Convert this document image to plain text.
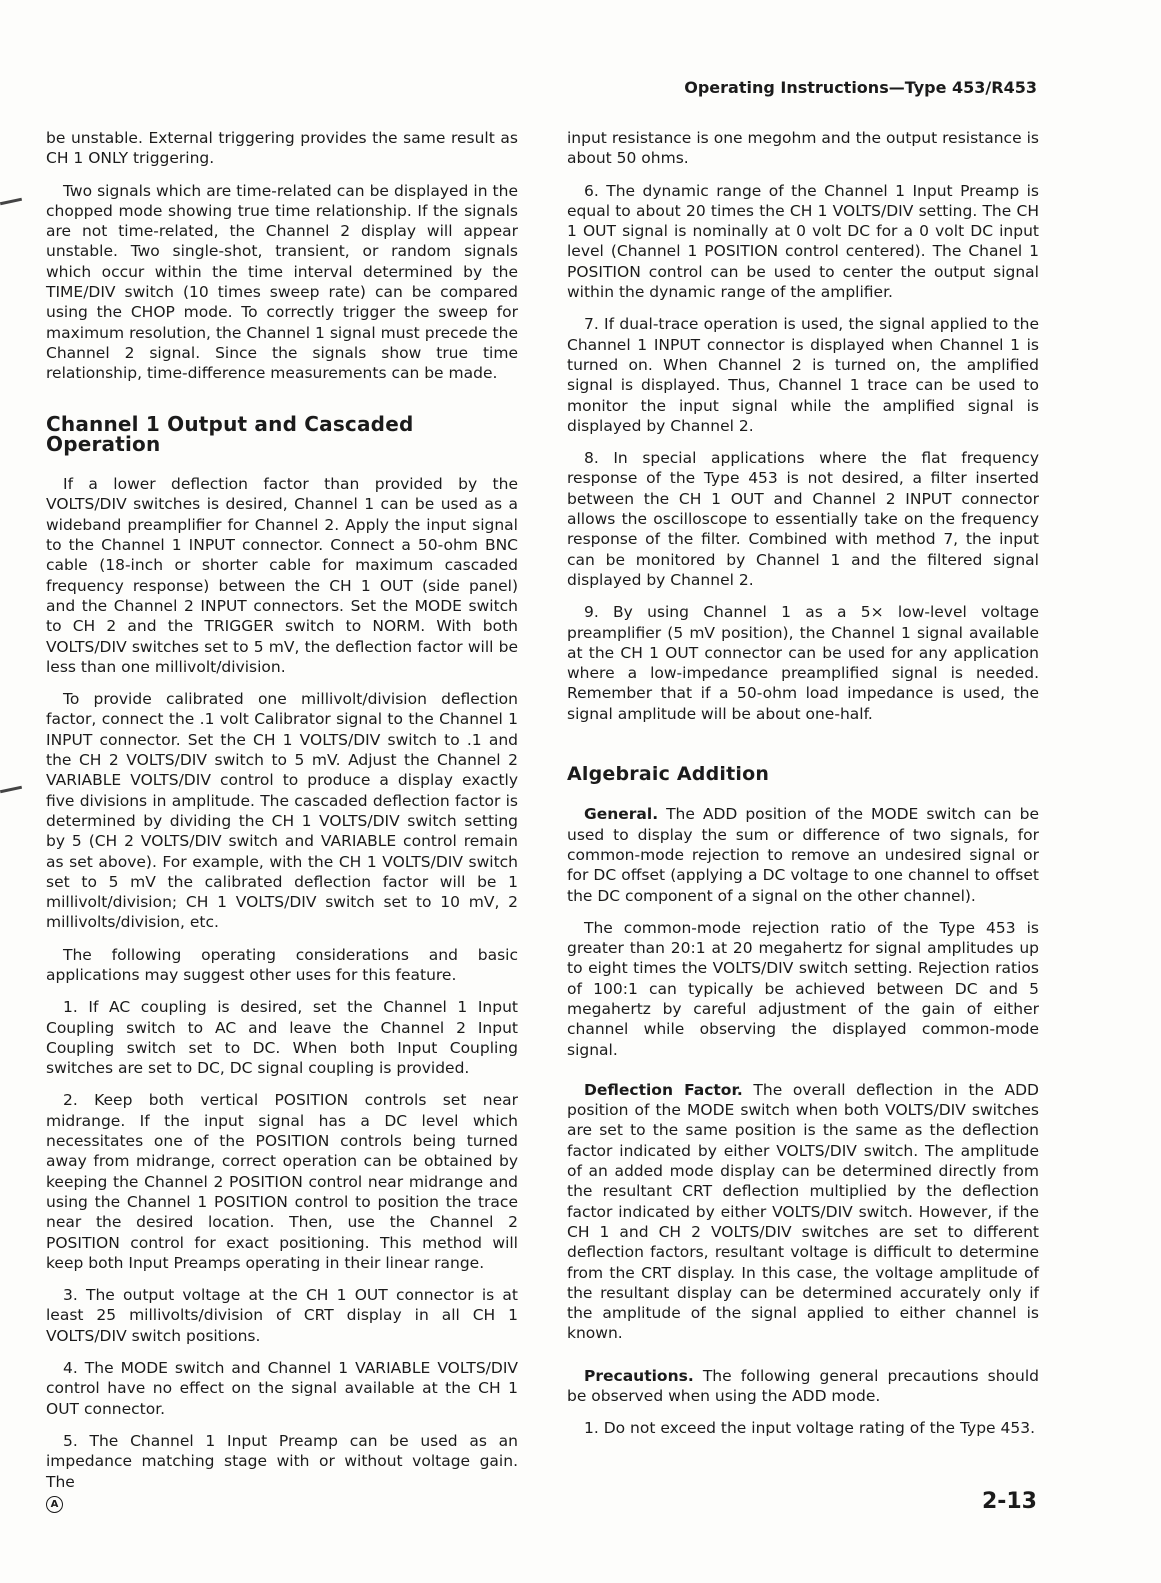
Operating Instructions—Type 453/R453

be unstable. External triggering provides the same result as CH 1 ONLY triggering.

Two signals which are time-related can be displayed in the chopped mode showing true time relationship. If the signals are not time-related, the Channel 2 display will appear unstable. Two single-shot, transient, or random signals which occur within the time interval determined by the TIME/DIV switch (10 times sweep rate) can be compared using the CHOP mode. To correctly trigger the sweep for maximum resolution, the Channel 1 signal must precede the Channel 2 signal. Since the signals show true time relationship, time-difference measurements can be made.

Channel 1 Output and Cascaded Operation

If a lower deflection factor than provided by the VOLTS/DIV switches is desired, Channel 1 can be used as a wideband preamplifier for Channel 2. Apply the input signal to the Channel 1 INPUT connector. Connect a 50-ohm BNC cable (18-inch or shorter cable for maximum cascaded frequency response) between the CH 1 OUT (side panel) and the Channel 2 INPUT connectors. Set the MODE switch to CH 2 and the TRIGGER switch to NORM. With both VOLTS/DIV switches set to 5 mV, the deflection factor will be less than one millivolt/division.

To provide calibrated one millivolt/division deflection factor, connect the .1 volt Calibrator signal to the Channel 1 INPUT connector. Set the CH 1 VOLTS/DIV switch to .1 and the CH 2 VOLTS/DIV switch to 5 mV. Adjust the Channel 2 VARIABLE VOLTS/DIV control to produce a display exactly five divisions in amplitude. The cascaded deflection factor is determined by dividing the CH 1 VOLTS/DIV switch setting by 5 (CH 2 VOLTS/DIV switch and VARIABLE control remain as set above). For example, with the CH 1 VOLTS/DIV switch set to 5 mV the calibrated deflection factor will be 1 millivolt/division; CH 1 VOLTS/DIV switch set to 10 mV, 2 millivolts/division, etc.

The following operating considerations and basic applications may suggest other uses for this feature.

1. If AC coupling is desired, set the Channel 1 Input Coupling switch to AC and leave the Channel 2 Input Coupling switch set to DC. When both Input Coupling switches are set to DC, DC signal coupling is provided.

2. Keep both vertical POSITION controls set near midrange. If the input signal has a DC level which necessitates one of the POSITION controls being turned away from midrange, correct operation can be obtained by keeping the Channel 2 POSITION control near midrange and using the Channel 1 POSITION control to position the trace near the desired location. Then, use the Channel 2 POSITION control for exact positioning. This method will keep both Input Preamps operating in their linear range.

3. The output voltage at the CH 1 OUT connector is at least 25 millivolts/division of CRT display in all CH 1 VOLTS/DIV switch positions.

4. The MODE switch and Channel 1 VARIABLE VOLTS/DIV control have no effect on the signal available at the CH 1 OUT connector.

5. The Channel 1 Input Preamp can be used as an impedance matching stage with or without voltage gain. The

input resistance is one megohm and the output resistance is about 50 ohms.

6. The dynamic range of the Channel 1 Input Preamp is equal to about 20 times the CH 1 VOLTS/DIV setting. The CH 1 OUT signal is nominally at 0 volt DC for a 0 volt DC input level (Channel 1 POSITION control centered). The Chanel 1 POSITION control can be used to center the output signal within the dynamic range of the amplifier.

7. If dual-trace operation is used, the signal applied to the Channel 1 INPUT connector is displayed when Channel 1 is turned on. When Channel 2 is turned on, the amplified signal is displayed. Thus, Channel 1 trace can be used to monitor the input signal while the amplified signal is displayed by Channel 2.

8. In special applications where the flat frequency response of the Type 453 is not desired, a filter inserted between the CH 1 OUT and Channel 2 INPUT connector allows the oscilloscope to essentially take on the frequency response of the filter. Combined with method 7, the input can be monitored by Channel 1 and the filtered signal displayed by Channel 2.

9. By using Channel 1 as a 5× low-level voltage preamplifier (5 mV position), the Channel 1 signal available at the CH 1 OUT connector can be used for any application where a low-impedance preamplified signal is needed. Remember that if a 50-ohm load impedance is used, the signal amplitude will be about one-half.

Algebraic Addition

General. The ADD position of the MODE switch can be used to display the sum or difference of two signals, for common-mode rejection to remove an undesired signal or for DC offset (applying a DC voltage to one channel to offset the DC component of a signal on the other channel).

The common-mode rejection ratio of the Type 453 is greater than 20:1 at 20 megahertz for signal amplitudes up to eight times the VOLTS/DIV switch setting. Rejection ratios of 100:1 can typically be achieved between DC and 5 megahertz by careful adjustment of the gain of either channel while observing the displayed common-mode signal.

Deflection Factor. The overall deflection in the ADD position of the MODE switch when both VOLTS/DIV switches are set to the same position is the same as the deflection factor indicated by either VOLTS/DIV switch. The amplitude of an added mode display can be determined directly from the resultant CRT deflection multiplied by the deflection factor indicated by either VOLTS/DIV switch. However, if the CH 1 and CH 2 VOLTS/DIV switches are set to different deflection factors, resultant voltage is difficult to determine from the CRT display. In this case, the voltage amplitude of the resultant display can be determined accurately only if the amplitude of the signal applied to either channel is known.

Precautions. The following general precautions should be observed when using the ADD mode.

1. Do not exceed the input voltage rating of the Type 453.

A	2-13
